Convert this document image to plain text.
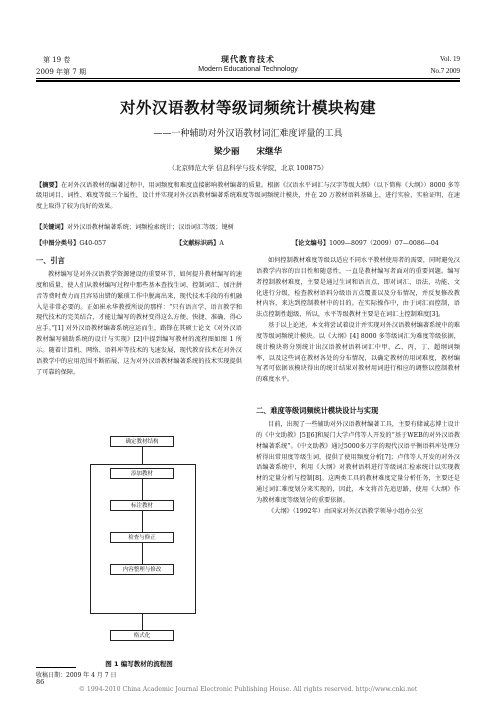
第 19 卷
2009 年第 7 期
现代教育技术
Modern Educational Technology
Vol. 19
No.7 2009
对外汉语教材等级词频统计模块构建
——一种辅助对外汉语教材词汇难度评量的工具
梁少丽　　宋继华
（北京师范大学 信息科学与技术学院，北京 100875）
【摘要】在对外汉语教材的编著过程中，用词频度和难度直接影响教材编著的质量。根据《汉语水平词汇与汉字等级大纲》（以下简称《大纲》）8000 多等级用词目、词性、难度等级三个属性，设计并实现对外汉语教材编著系统难度等级词频统计模块，并在 20 万教材语料基础上，进行实验、实验证明，在速度上取得了较为良好的效果。
【关键词】对外汉语教材编著系统；词频检索统计；汉语词汇等级；键树
【中图分类号】G40-057	【文献标识码】A	【论文编号】1009—8097（2009）07—0086—04
一、引言

教材编写是对外汉语教学资源建设的重要环节，如何提升教材编写的速度和质量，使人们从教材编写过程中那些基本查找生词、控制词汇、加注拼音等费时费力而且容易出错的繁琐工作中脱离出来，现代技术手段的有机融入是非常必要的。正如崔永华教授所说的那样：“只有语言学、语言教学和现代技术的完美结合，才能让编写的教材变得这么方便、快捷、准确、得心应手。”[1] 对外汉语教材编著系统应运而生，路锋在其硕士论文《对外汉语教材编写辅助系统的设计与实现》[2]中提到编写教材的流程图如图 1 所示。随着计算机、网络、语料库等技术的飞速发展，现代教育技术在对外汉语教学中的应用范围不断拓展，这为对外汉语教材编著系统的技术实现提供了可靠的保障。

确定教材结构
添加教材
标注教材
检查与修正
内容整理与修改
格式化
图 1 编写教材的流程图

如何控制教材难度等级以适应不同水平教材使用者的需要，同时避免汉语教学内容的盲目性和随意性，一直是教材编写者面对的重要问题。编写者控制教材难度，主要是通过生词和语言点，即对词汇、语法、功能、文化进行分级，检查教材语料分级语言点覆盖以及分布情况，并反复修改教材内容，来达到控制教材中的目的。在实际操作中，由于词汇而控制，语法点控制性超级，所以，水平等级教材主要是在词汇上控制难度[3]。

基于以上论述，本文将尝试着设计并实现对外汉语教材编著系统中的难度等级词频统计模块。以《大纲》[4] 8000 多等级词汇为难度等级依据，统计模块将分别统计出汉语教材语料词汇中甲、乙、丙、丁、超纲词频率，以及这些词在教材各处的分布情况，以确定教材的用词难度，教材编写者可依据该模块得出的统计结果对教材用词进行相应的调整以控制教材的难度水平。

二、难度等级词频统计模块设计与实现

目前，出现了一些辅助对外汉语教材编著工具，主要有储诚志博士设计的《中文助教》[5][6]和厦门大学卢伟等人开发的“基于WEB的对外汉语教材编著系统”。《中文助教》通过5000多万字的现代汉语平衡语料库处理分析得出常用度等级生词，提供了使用频度分析[7]；卢伟等人开发的对外汉语编著系统中，利用《大纲》对教材语料进行等级词汇检索统计以实现教材的定量分析与控制[8]。这两类工具的教材难度定量分析任务，主要还是通过词汇难度划分来实现的，因此，本文将首先追思路，使用《大纲》作为教材难度等级划分的重要依据。

《大纲》（1992年）由国家对外汉语教学领导小组办公室

收稿日期：2009 年 4 月 7 日
86
© 1994-2010 China Academic Journal Electronic Publishing House. All rights reserved. http://www.cnki.net
